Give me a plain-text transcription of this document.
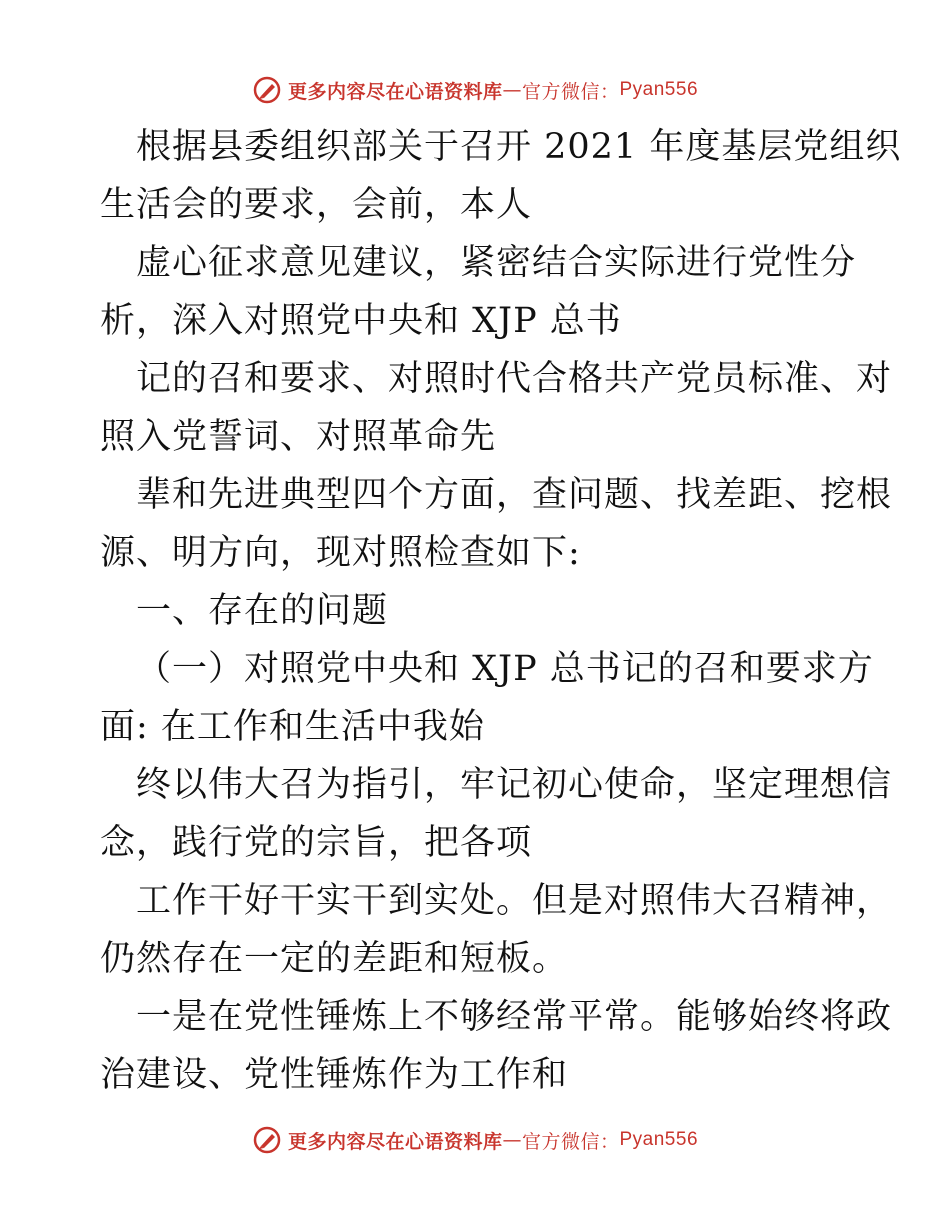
更多内容尽在心语资料库 — 官方微信： Pyan556
根据县委组织部关于召开 2021 年度基层党组织
生活会的要求，会前，本人
虚心征求意见建议，紧密结合实际进行党性分
析，深入对照党中央和 XJP 总书
记的召和要求、对照时代合格共产党员标准、对
照入党誓词、对照革命先
辈和先进典型四个方面，查问题、找差距、挖根
源、明方向，现对照检查如下:
一、存在的问题
（一）对照党中央和 XJP 总书记的召和要求方
面: 在工作和生活中我始
终以伟大召为指引，牢记初心使命，坚定理想信
念，践行党的宗旨，把各项
工作干好干实干到实处。但是对照伟大召精神，
仍然存在一定的差距和短板。
一是在党性锤炼上不够经常平常。能够始终将政
治建设、党性锤炼作为工作和
更多内容尽在心语资料库 — 官方微信： Pyan556
